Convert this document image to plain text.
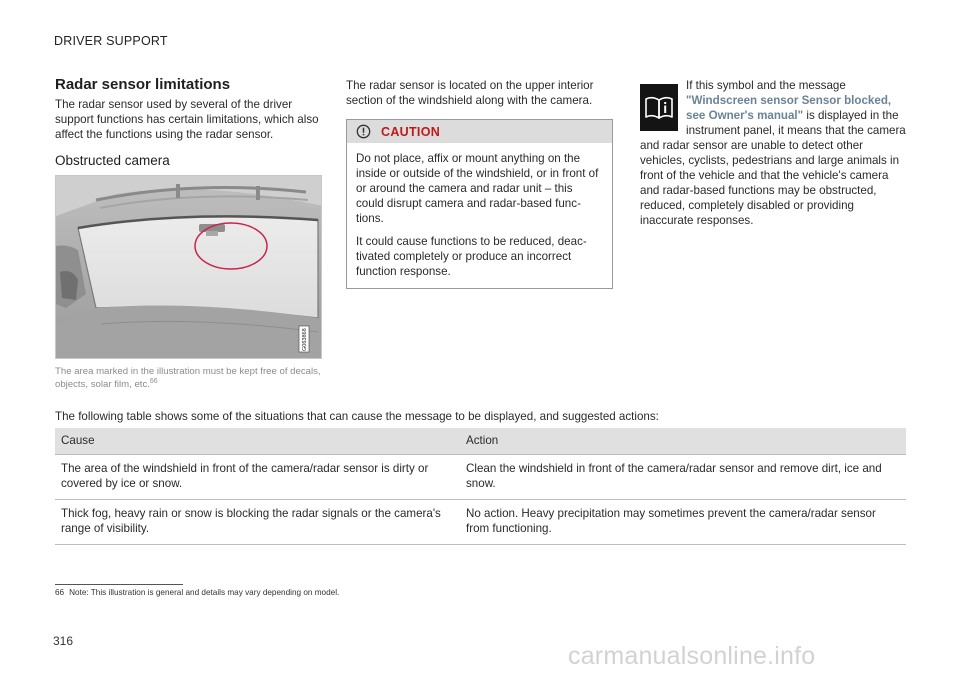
DRIVER SUPPORT
Radar sensor limitations

The radar sensor used by several of the driver support functions has certain limitations, which also affect the functions using the radar sensor.

Obstructed camera
G063868

The area marked in the illustration must be kept free of decals, objects, solar film, etc.$^{66}$

The radar sensor is located on the upper interior section of the windshield along with the camera.

CAUTION

Do not place, affix or mount anything on the inside or outside of the windshield, or in front of or around the camera and radar unit – this could disrupt camera and radar-based functions.

It could cause functions to be reduced, deactivated completely or produce an incorrect function response.

If this symbol and the message "Windscreen sensor Sensor blocked, see Owner's manual" is displayed in the instrument panel, it means that the camera and radar sensor are unable to detect other vehicles, cyclists, pedestrians and large animals in front of the vehicle and that the vehicle's camera and radar-based functions may be obstructed, reduced, completely disabled or providing inaccurate responses.

The following table shows some of the situations that can cause the message to be displayed, and suggested actions:

Cause	Action
The area of the windshield in front of the camera/radar sensor is dirty or covered by ice or snow.	Clean the windshield in front of the camera/radar sensor and remove dirt, ice and snow.
Thick fog, heavy rain or snow is blocking the radar signals or the camera's range of visibility.	No action. Heavy precipitation may sometimes prevent the camera/radar sensor from functioning.

66 Note: This illustration is general and details may vary depending on model.

316
carmanualsonline.info
